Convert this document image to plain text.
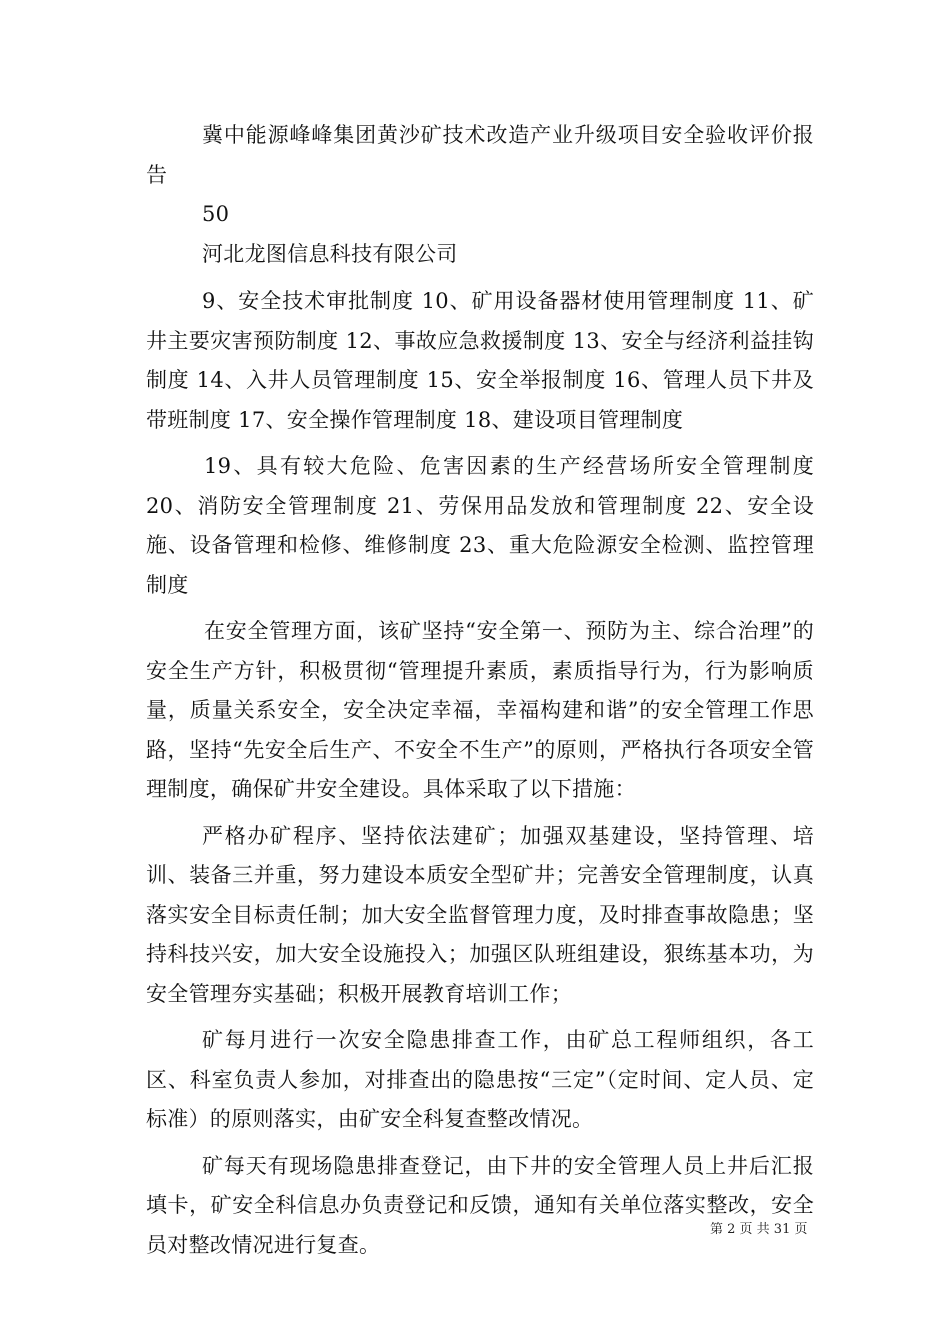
冀中能源峰峰集团黄沙矿技术改造产业升级项目安全验收评价报告

50

河北龙图信息科技有限公司

9、安全技术审批制度 10、矿用设备器材使用管理制度 11、矿井主要灾害预防制度 12、事故应急救援制度 13、安全与经济利益挂钩制度 14、入井人员管理制度 15、安全举报制度 16、管理人员下井及带班制度 17、安全操作管理制度 18、建设项目管理制度

19、具有较大危险、危害因素的生产经营场所安全管理制度 20、消防安全管理制度 21、劳保用品发放和管理制度 22、安全设施、设备管理和检修、维修制度 23、重大危险源安全检测、监控管理制度

在安全管理方面，该矿坚持“安全第一、预防为主、综合治理”的安全生产方针，积极贯彻“管理提升素质，素质指导行为，行为影响质量，质量关系安全，安全决定幸福，幸福构建和谐”的安全管理工作思路，坚持“先安全后生产、不安全不生产”的原则，严格执行各项安全管理制度，确保矿井安全建设。具体采取了以下措施：

严格办矿程序、坚持依法建矿；加强双基建设，坚持管理、培训、装备三并重，努力建设本质安全型矿井；完善安全管理制度，认真落实安全目标责任制；加大安全监督管理力度，及时排查事故隐患；坚持科技兴安，加大安全设施投入；加强区队班组建设，狠练基本功，为安全管理夯实基础；积极开展教育培训工作；

矿每月进行一次安全隐患排查工作，由矿总工程师组织，各工区、科室负责人参加，对排查出的隐患按“三定”（定时间、定人员、定标准）的原则落实，由矿安全科复查整改情况。

矿每天有现场隐患排查登记，由下井的安全管理人员上井后汇报填卡，矿安全科信息办负责登记和反馈，通知有关单位落实整改，安全员对整改情况进行复查。

第 2 页 共 31 页
